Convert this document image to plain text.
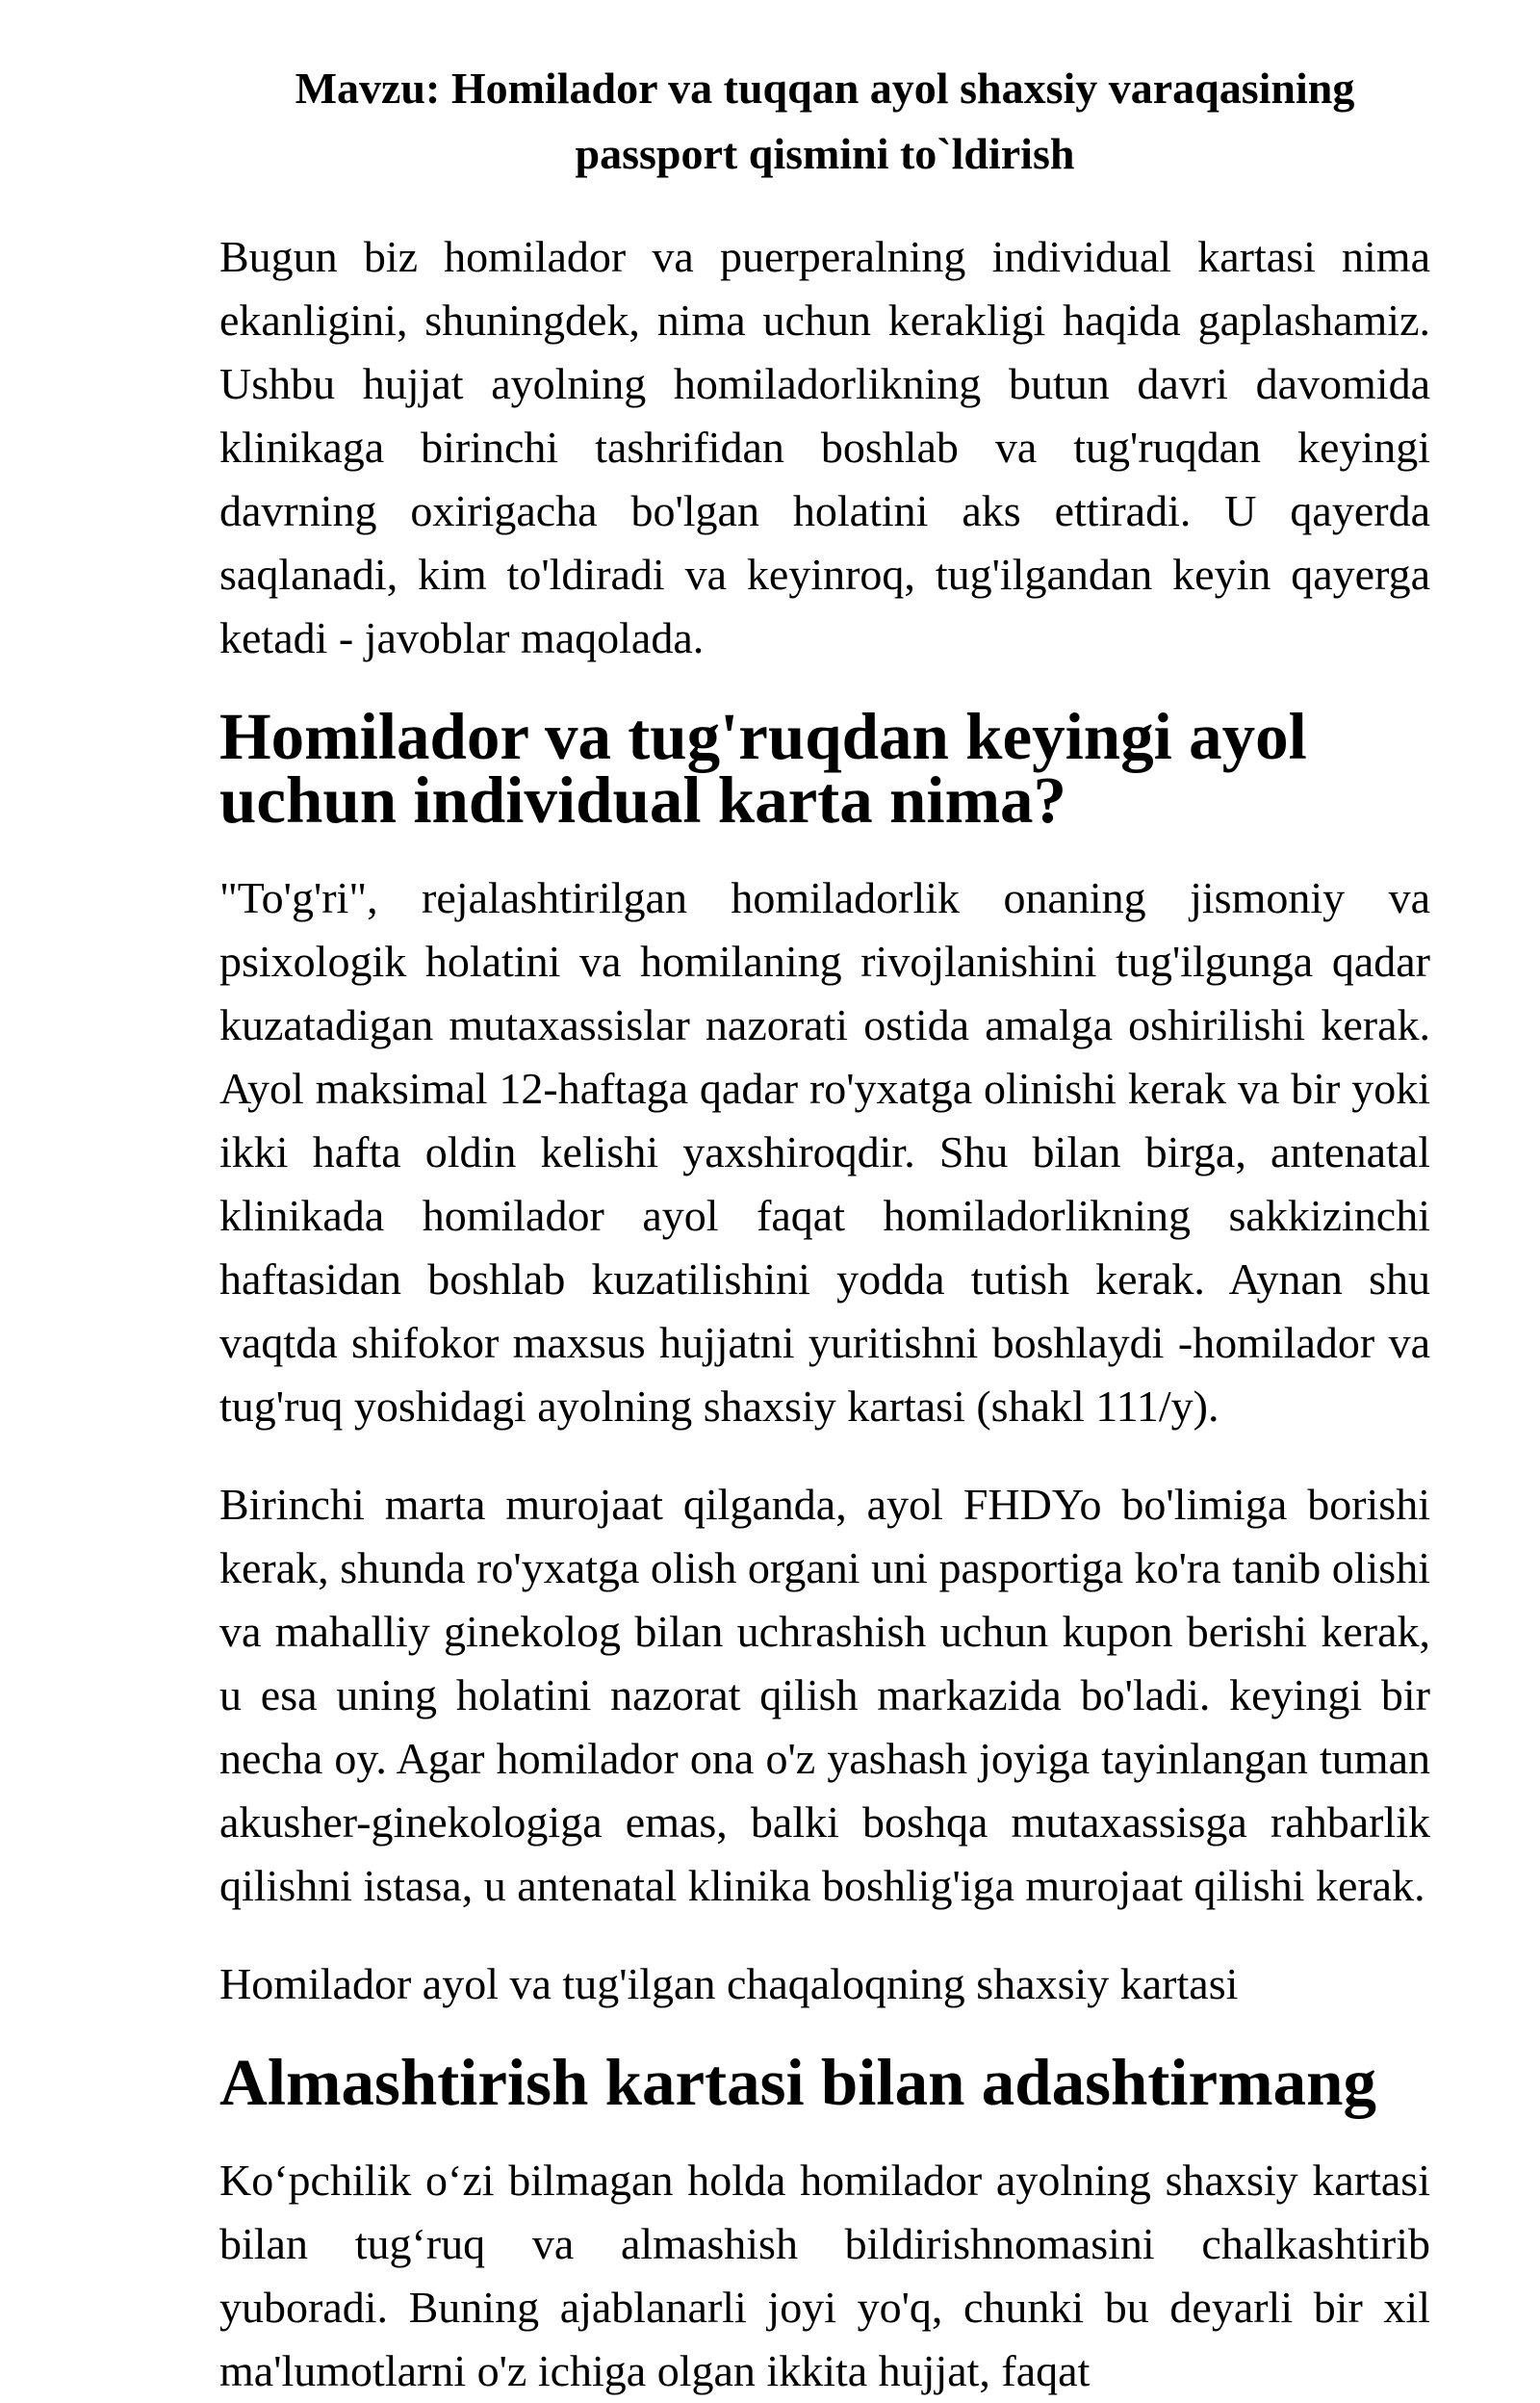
Mavzu: Homilador va tuqqan ayol shaxsiy varaqasining passport qismini to`ldirish

Bugun biz homilador va puerperalning individual kartasi nima ekanligini, shuningdek, nima uchun kerakligi haqida gaplashamiz. Ushbu hujjat ayolning homiladorlikning butun davri davomida klinikaga birinchi tashrifidan boshlab va tug'ruqdan keyingi davrning oxirigacha bo'lgan holatini aks ettiradi. U qayerda saqlanadi, kim to'ldiradi va keyinroq, tug'ilgandan keyin qayerga ketadi - javoblar maqolada.

Homilador va tug'ruqdan keyingi ayol uchun individual karta nima?

"To'g'ri", rejalashtirilgan homiladorlik onaning jismoniy va psixologik holatini va homilaning rivojlanishini tug'ilgunga qadar kuzatadigan mutaxassislar nazorati ostida amalga oshirilishi kerak. Ayol maksimal 12-haftaga qadar ro'yxatga olinishi kerak va bir yoki ikki hafta oldin kelishi yaxshiroqdir. Shu bilan birga, antenatal klinikada homilador ayol faqat homiladorlikning sakkizinchi haftasidan boshlab kuzatilishini yodda tutish kerak. Aynan shu vaqtda shifokor maxsus hujjatni yuritishni boshlaydi -homilador va tug'ruq yoshidagi ayolning shaxsiy kartasi (shakl 111/y).

Birinchi marta murojaat qilganda, ayol FHDYo bo'limiga borishi kerak, shunda ro'yxatga olish organi uni pasportiga ko'ra tanib olishi va mahalliy ginekolog bilan uchrashish uchun kupon berishi kerak, u esa uning holatini nazorat qilish markazida bo'ladi. keyingi bir necha oy. Agar homilador ona o'z yashash joyiga tayinlangan tuman akusher-ginekologiga emas, balki boshqa mutaxassisga rahbarlik qilishni istasa, u antenatal klinika boshlig'iga murojaat qilishi kerak.

Homilador ayol va tug'ilgan chaqaloqning shaxsiy kartasi

Almashtirish kartasi bilan adashtirmang

Koʻpchilik oʻzi bilmagan holda homilador ayolning shaxsiy kartasi bilan tugʻruq va almashish bildirishnomasini chalkashtirib yuboradi. Buning ajablanarli joyi yo'q, chunki bu deyarli bir xil ma'lumotlarni o'z ichiga olgan ikkita hujjat, faqat
